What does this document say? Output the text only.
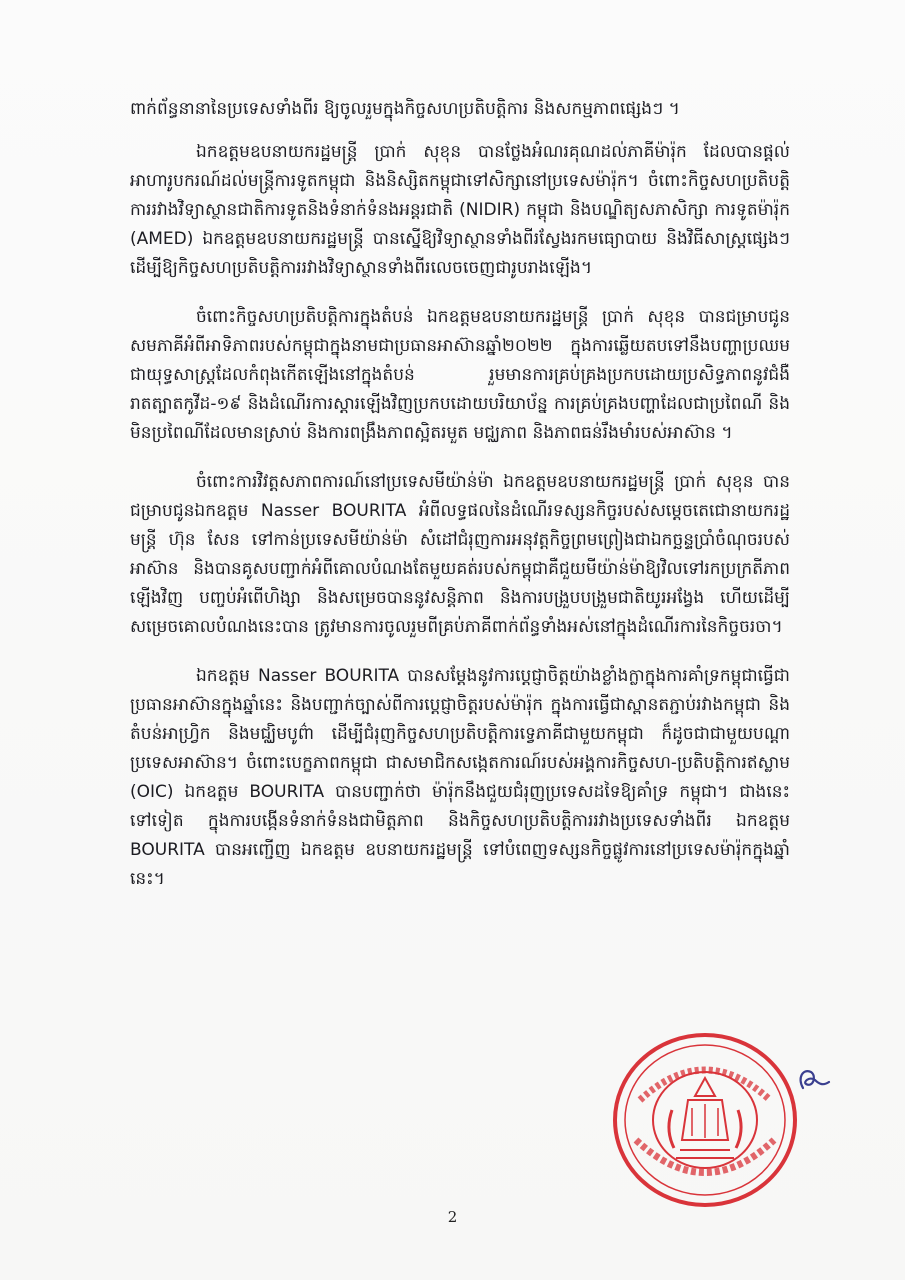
ពាក់ព័ន្ធនានានៃប្រទេសទាំងពីរ ឱ្យចូលរួមក្នុងកិច្ចសហប្រតិបត្តិការ និងសកម្មភាពផ្សេងៗ ។

ឯកឧត្តមឧបនាយករដ្ឋមន្ត្រី ប្រាក់ សុខុន បានថ្លែងអំណរគុណដល់ភាគីម៉ារ៉ុក ដែលបានផ្តល់អាហារូបករណ៍ដល់មន្ត្រីការទូតកម្ពុជា និងនិស្សិតកម្ពុជាទៅសិក្សានៅប្រទេសម៉ារ៉ុក។ ចំពោះកិច្ចសហប្រតិបត្តិការរវាងវិទ្យាស្ថានជាតិការទូតនិងទំនាក់ទំនងអន្តរជាតិ (NIDIR) កម្ពុជា និងបណ្ឌិត្យសភាសិក្សា ការទូតម៉ារ៉ុក (AMED) ឯកឧត្តមឧបនាយករដ្ឋមន្ត្រី បានស្នើឱ្យវិទ្យាស្ថានទាំងពីរស្វែងរកមធ្យោបាយ និងវិធីសាស្ត្រផ្សេងៗ ដើម្បីឱ្យកិច្ចសហប្រតិបត្តិការរវាងវិទ្យាស្ថានទាំងពីរលេចចេញជារូបរាងឡើង។

ចំពោះកិច្ចសហប្រតិបត្តិការក្នុងតំបន់ ឯកឧត្តមឧបនាយករដ្ឋមន្ត្រី ប្រាក់ សុខុន បានជម្រាបជូនសមភាគីអំពីអាទិភាពរបស់កម្ពុជាក្នុងនាមជាប្រធានអាស៊ានឆ្នាំ២០២២ ក្នុងការឆ្លើយតបទៅនឹងបញ្ហាប្រឈមជាយុទ្ធសាស្ត្រដែលកំពុងកើតឡើងនៅក្នុងតំបន់ រួមមានការគ្រប់គ្រងប្រកបដោយប្រសិទ្ធភាពនូវជំងឺរាតត្បាតកូវីដ-១៩ និងដំណើរការស្តារឡើងវិញប្រកបដោយបរិយាប័ន្ន ការគ្រប់គ្រងបញ្ហាដែលជាប្រពៃណី និងមិនប្រពៃណីដែលមានស្រាប់ និងការពង្រឹងភាពស្អិតរមួត មជ្ឈភាព និងភាពធន់រឹងមាំរបស់អាស៊ាន ។

ចំពោះការវិវត្តសភាពការណ៍នៅប្រទេសមីយ៉ាន់ម៉ា ឯកឧត្តមឧបនាយករដ្ឋមន្ត្រី ប្រាក់ សុខុន បានជម្រាបជូនឯកឧត្តម Nasser BOURITA អំពីលទ្ធផលនៃដំណើរទស្សនកិច្ចរបស់សម្តេចតេជោនាយករដ្ឋមន្ត្រី ហ៊ុន សែន ទៅកាន់ប្រទេសមីយ៉ាន់ម៉ា សំដៅជំរុញការអនុវត្តកិច្ចព្រមព្រៀងជាឯកច្ឆន្ទប្រាំចំណុចរបស់អាស៊ាន និងបានគូសបញ្ជាក់អំពីគោលបំណងតែមួយគត់របស់កម្ពុជាគឺជួយមីយ៉ាន់ម៉ាឱ្យវិលទៅរកប្រក្រតីភាពឡើងវិញ បញ្ចប់អំពើហិង្សា និងសម្រេចបាននូវសន្តិភាព និងការបង្រួបបង្រួមជាតិយូរអង្វែង ហើយដើម្បីសម្រេចគោលបំណងនេះបាន ត្រូវមានការចូលរួមពីគ្រប់ភាគីពាក់ព័ន្ធទាំងអស់នៅក្នុងដំណើរការនៃកិច្ចចរចា។

ឯកឧត្តម Nasser BOURITA បានសម្តែងនូវការប្តេជ្ញាចិត្តយ៉ាងខ្លាំងក្លាក្នុងការគាំទ្រកម្ពុជាធ្វើជាប្រធានអាស៊ានក្នុងឆ្នាំនេះ និងបញ្ជាក់ច្បាស់ពីការប្តេជ្ញាចិត្តរបស់ម៉ារ៉ុក ក្នុងការធ្វើជាស្ពានតភ្ជាប់រវាងកម្ពុជា និងតំបន់អាហ្វ្រិក និងមជ្ឈិមបូព៌ា ដើម្បីជំរុញកិច្ចសហប្រតិបត្តិការទ្វេភាគីជាមួយកម្ពុជា ក៏ដូចជាជាមួយបណ្តាប្រទេសអាស៊ាន។ ចំពោះបេក្ខភាពកម្ពុជា ជាសមាជិកសង្កេតការណ៍របស់អង្គការកិច្ចសហ-ប្រតិបត្តិការឥស្លាម (OIC) ឯកឧត្តម BOURITA បានបញ្ជាក់ថា ម៉ារ៉ុកនឹងជួយជំរុញប្រទេសដទៃឱ្យគាំទ្រ កម្ពុជា។ ជាងនេះទៅទៀត ក្នុងការបង្កើនទំនាក់ទំនងជាមិត្តភាព និងកិច្ចសហប្រតិបត្តិការរវាងប្រទេសទាំងពីរ ឯកឧត្តម BOURITA បានអញ្ជើញ ឯកឧត្តម ឧបនាយករដ្ឋមន្ត្រី ទៅបំពេញទស្សនកិច្ចផ្លូវការនៅប្រទេសម៉ារ៉ុកក្នុងឆ្នាំនេះ។

2
